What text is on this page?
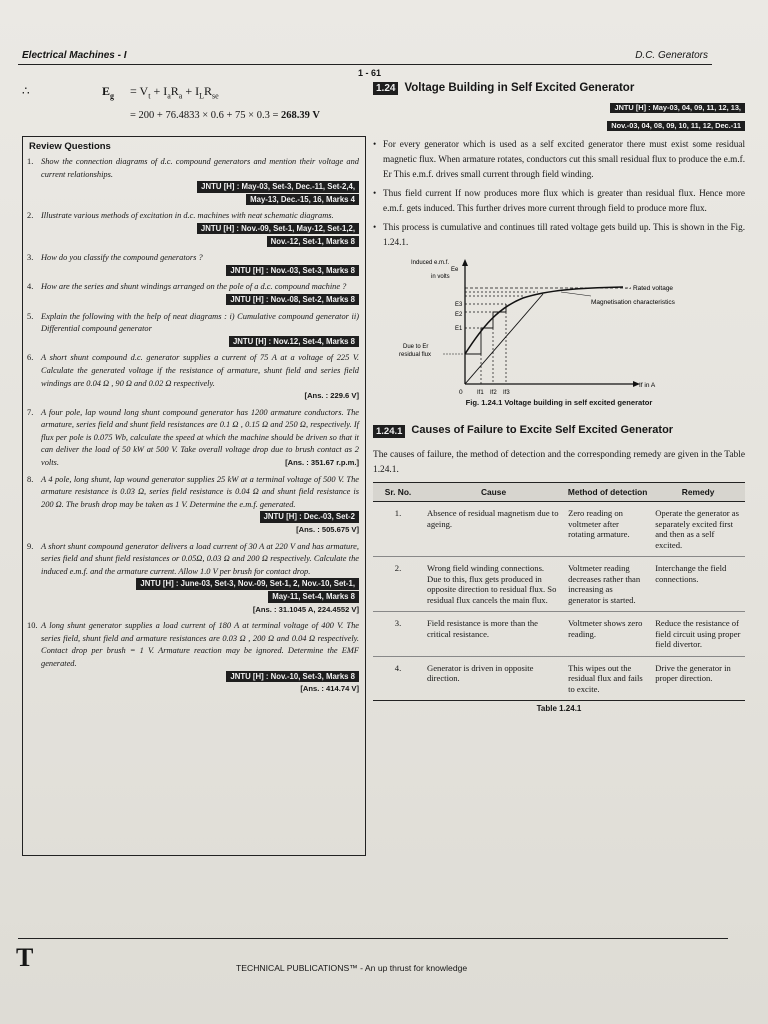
Electrical Machines - I
1 - 61
D.C. Generators
∴	$E_g = V_t + I_aR_a + I_LR_{se}$
= 200 + 76.4833 × 0.6 + 75 × 0.3 = 268.39 V
Review Questions
1. Show the connection diagrams of d.c. compound generators and mention their voltage and current relationships.
JNTU [H] : May-03, Set-3, Dec.-11, Set-2,4,
May-13, Dec.-15, 16, Marks 4
2. Illustrate various methods of excitation in d.c. machines with neat schematic diagrams.
JNTU [H] : Nov.-09, Set-1, May-12, Set-1,2,
Nov.-12, Set-1, Marks 8
3. How do you classify the compound generators ?
JNTU [H] : Nov.-03, Set-3, Marks 8
4. How are the series and shunt windings arranged on the pole of a d.c. compound machine ?
JNTU [H] : Nov.-08, Set-2, Marks 8
5. Explain the following with the help of neat diagrams : i) Cumulative compound generator ii) Differential compound generator
JNTU [H] : Nov.12, Set-4, Marks 8
6. A short shunt compound d.c. generator supplies a current of 75 A at a voltage of 225 V. Calculate the generated voltage if the resistance of armature, shunt field and series field windings are 0.04 Ω , 90 Ω and 0.02 Ω respectively.
[Ans. : 229.6 V]
7. A four pole, lap wound long shunt compound generator has 1200 armature conductors. The armature, series field and shunt field resistances are 0.1 Ω , 0.15 Ω and 250 Ω, respectively. If flux per pole is 0.075 Wb, calculate the speed at which the machine should be driven so that it can deliver the load of 50 kW at 500 V. Take overall voltage drop due to brush contact as 2 volts.	[Ans. : 351.67 r.p.m.]
8. A 4 pole, long shunt, lap wound generator supplies 25 kW at a terminal voltage of 500 V. The armature resistance is 0.03 Ω, series field resistance is 0.04 Ω and shunt field resistance is 200 Ω. The brush drop may be taken as 1 V. Determine the e.m.f. generated.
JNTU [H] : Dec.-03, Set-2
[Ans. : 505.675 V]
9. A short shunt compound generator delivers a load current of 30 A at 220 V and has armature, series field and shunt field resistances or 0.05Ω, 0.03 Ω and 200 Ω respectively. Calculate the induced e.m.f. and the armature current. Allow 1.0 V per brush for contact drop.
JNTU [H] : June-03, Set-3, Nov.-09, Set-1, 2, Nov.-10, Set-1,
May-11, Set-4, Marks 8
[Ans. : 31.1045 A, 224.4552 V]
10. A long shunt generator supplies a load current of 180 A at terminal voltage of 400 V. The series field, shunt field and armature resistances are 0.03 Ω , 200 Ω and 0.04 Ω respectively. Contact drop per brush = 1 V. Armature reaction may be ignored. Determine the EMF generated.
JNTU [H] : Nov.-10, Set-3, Marks 8
[Ans. : 414.74 V]
1.24 Voltage Building in Self Excited Generator
JNTU [H] : May-03, 04, 09, 11, 12, 13,
Nov.-03, 04, 08, 09, 10, 11, 12, Dec.-11
• For every generator which is used as a self excited generator there must exist some residual magnetic flux. When armature rotates, conductors cut this small residual flux to produce the e.m.f. Er This e.m.f. drives small current through field winding.
• Thus field current If now produces more flux which is greater than residual flux. Hence more e.m.f. gets induced. This further drives more current through field to produce more flux.
• This process is cumulative and continues till rated voltage gets build up. This is shown in the Fig. 1.24.1.
Induced e.m.f.
Ee
in volts
- - Rated voltage
Magnetisation characteristics
E3
E2
E1
Due to Er
residual flux
0 If1 If2 If3
If in A
Fig. 1.24.1 Voltage building in self excited generator
1.24.1 Causes of Failure to Excite Self Excited Generator
The causes of failure, the method of detection and the corresponding remedy are given in the Table 1.24.1.
Sr. No.	Cause	Method of detection	Remedy
1.	Absence of residual magnetism due to ageing.	Zero reading on voltmeter after rotating armature.	Operate the generator as separately excited first and then as a self excited.
2.	Wrong field winding connections. Due to this, flux gets produced in opposite direction to residual flux. So residual flux cancels the main flux.	Voltmeter reading decreases rather than increasing as generator is started.	Interchange the field connections.
3.	Field resistance is more than the critical resistance.	Voltmeter shows zero reading.	Reduce the resistance of field circuit using proper field divertor.
4.	Generator is driven in opposite direction.	This wipes out the residual flux and fails to excite.	Drive the generator in proper direction.
Table 1.24.1
T	TECHNICAL PUBLICATIONS™ - An up thrust for knowledge
